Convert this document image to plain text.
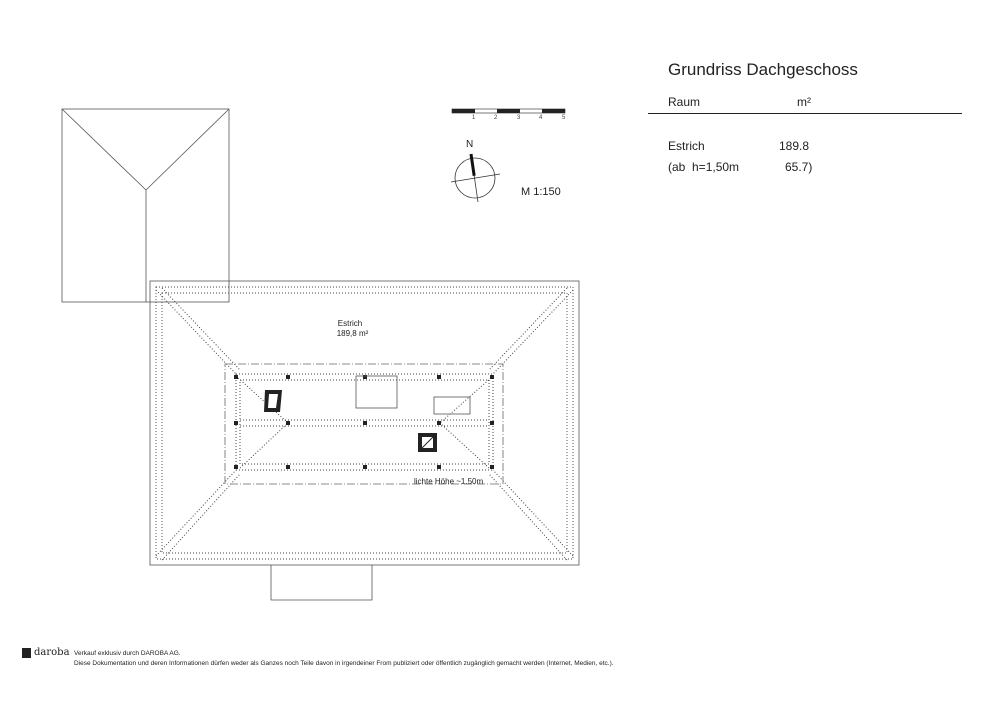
1	2	3	4	5
N
M 1:150
Estrich
189,8 m²
lichte Höhe ~1.50m
Grundriss Dachgeschoss
Raum	m²
Estrich	189.8
(ab  h=1,50m	65.7)
daroba Verkauf exklusiv durch DAROBA AG.
Diese Dokumentation und deren Informationen dürfen weder als Ganzes noch Teile davon in irgendeiner From publiziert oder öffentlich zugänglich gemacht werden (Internet, Medien, etc.).
